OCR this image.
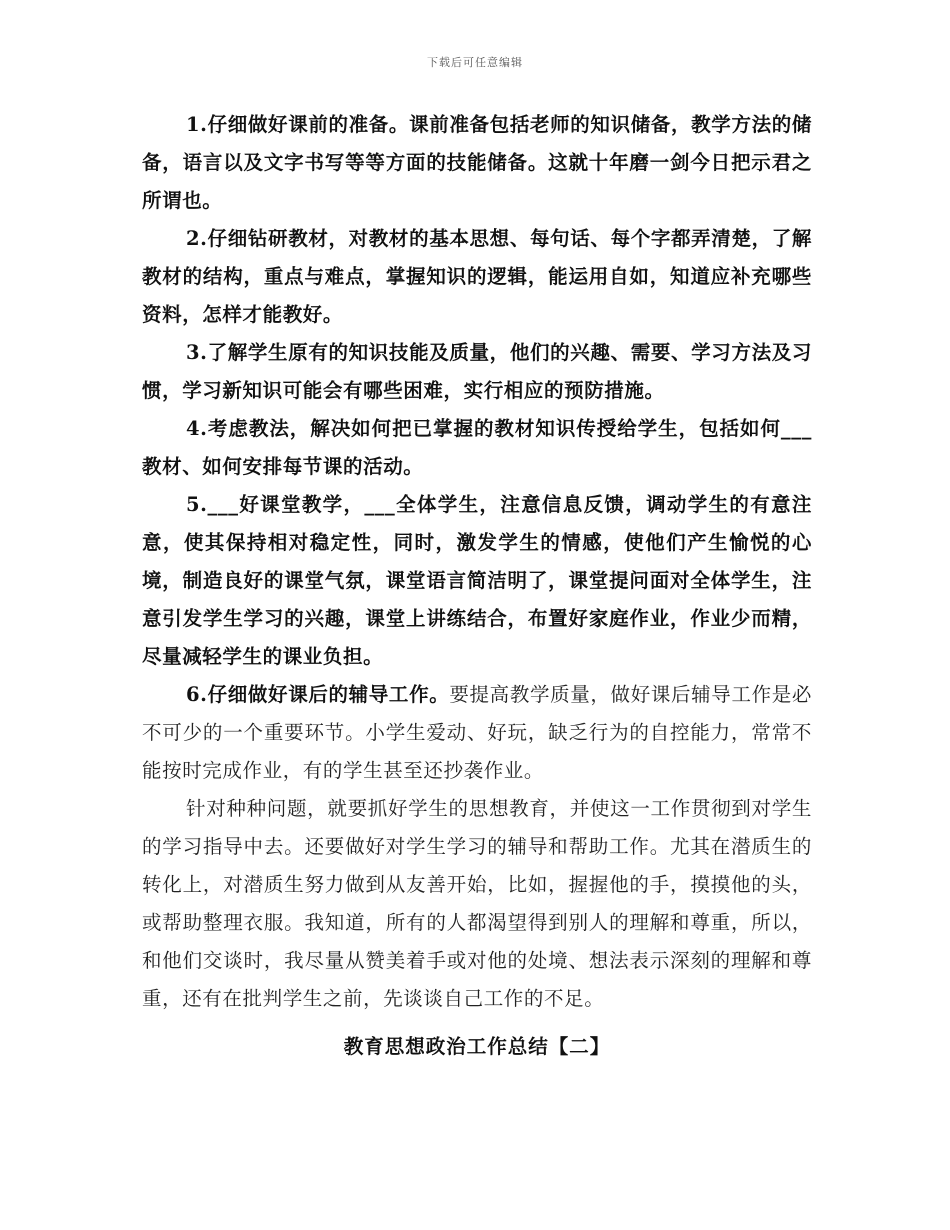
下载后可任意编辑

1.仔细做好课前的准备。课前准备包括老师的知识储备，教学方法的储备，语言以及文字书写等等方面的技能储备。这就十年磨一剑今日把示君之所谓也。

2.仔细钻研教材，对教材的基本思想、每句话、每个字都弄清楚，了解教材的结构，重点与难点，掌握知识的逻辑，能运用自如，知道应补充哪些资料，怎样才能教好。

3.了解学生原有的知识技能及质量，他们的兴趣、需要、学习方法及习惯，学习新知识可能会有哪些困难，实行相应的预防措施。

4.考虑教法，解决如何把已掌握的教材知识传授给学生，包括如何___教材、如何安排每节课的活动。

5.___好课堂教学，___全体学生，注意信息反馈，调动学生的有意注意，使其保持相对稳定性，同时，激发学生的情感，使他们产生愉悦的心境，制造良好的课堂气氛，课堂语言简洁明了，课堂提问面对全体学生，注意引发学生学习的兴趣，课堂上讲练结合，布置好家庭作业，作业少而精，尽量减轻学生的课业负担。

6.仔细做好课后的辅导工作。要提高教学质量，做好课后辅导工作是必不可少的一个重要环节。小学生爱动、好玩，缺乏行为的自控能力，常常不能按时完成作业，有的学生甚至还抄袭作业。

针对种种问题，就要抓好学生的思想教育，并使这一工作贯彻到对学生的学习指导中去。还要做好对学生学习的辅导和帮助工作。尤其在潜质生的转化上，对潜质生努力做到从友善开始，比如，握握他的手，摸摸他的头，或帮助整理衣服。我知道，所有的人都渴望得到别人的理解和尊重，所以，和他们交谈时，我尽量从赞美着手或对他的处境、想法表示深刻的理解和尊重，还有在批判学生之前，先谈谈自己工作的不足。

教育思想政治工作总结【二】
